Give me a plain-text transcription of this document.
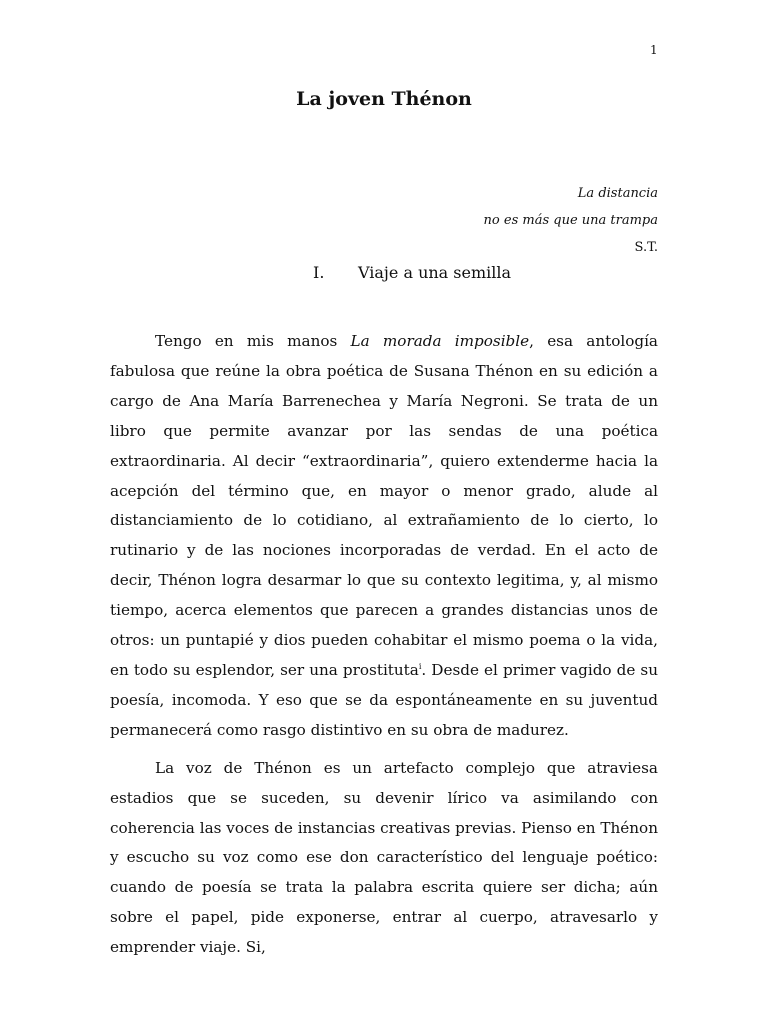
1
La joven Thénon
La distancia
no es más que una trampa
S.T.
I. Viaje a una semilla

Tengo en mis manos La morada imposible, esa antología fabulosa que reúne la obra poética de Susana Thénon en su edición a cargo de Ana María Barrenechea y María Negroni. Se trata de un libro que permite avanzar por las sendas de una poética extraordinaria. Al decir “extraordinaria”, quiero extenderme hacia la acepción del término que, en mayor o menor grado, alude al distanciamiento de lo cotidiano, al extrañamiento de lo cierto, lo rutinario y de las nociones incorporadas de verdad. En el acto de decir, Thénon logra desarmar lo que su contexto legitima, y, al mismo tiempo, acerca elementos que parecen a grandes distancias unos de otros: un puntapié y dios pueden cohabitar el mismo poema o la vida, en todo su esplendor, ser una prostituta$^i$. Desde el primer vagido de su poesía, incomoda. Y eso que se da espontáneamente en su juventud permanecerá como rasgo distintivo en su obra de madurez.

La voz de Thénon es un artefacto complejo que atraviesa estadios que se suceden, su devenir lírico va asimilando con coherencia las voces de instancias creativas previas. Pienso en Thénon y escucho su voz como ese don característico del lenguaje poético: cuando de poesía se trata la palabra escrita quiere ser dicha; aún sobre el papel, pide exponerse, entrar al cuerpo, atravesarlo y emprender viaje. Si,
